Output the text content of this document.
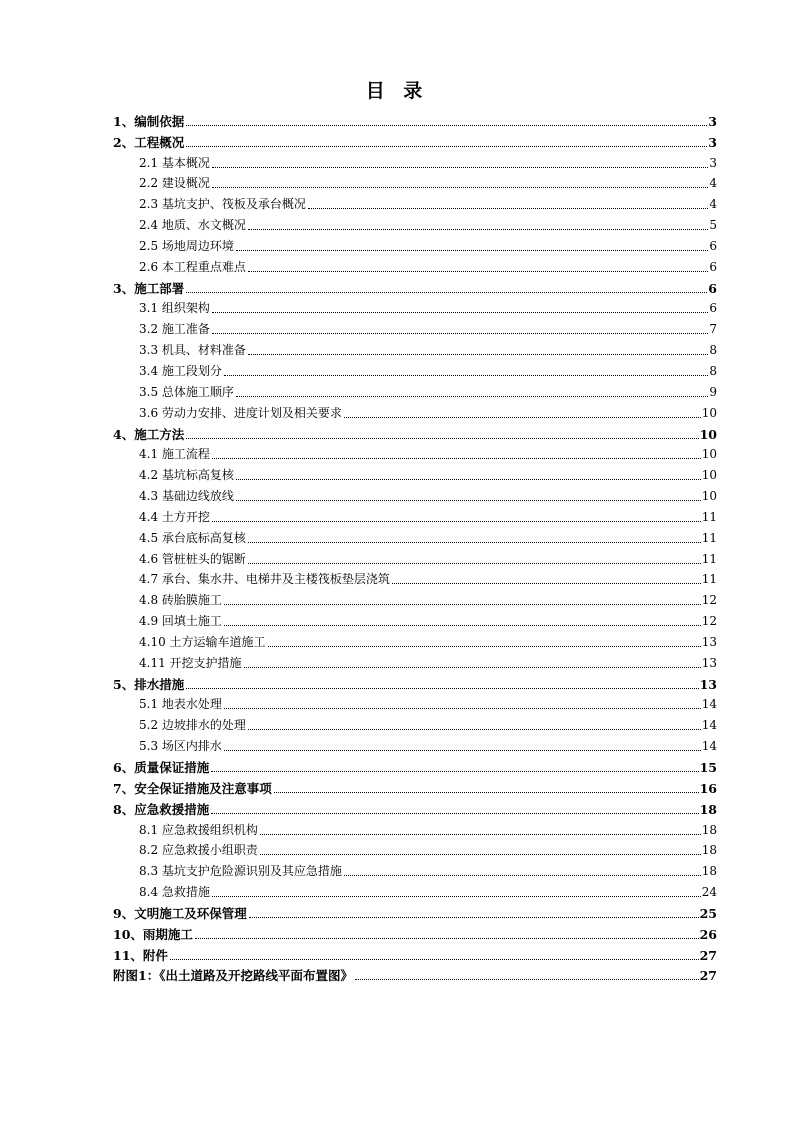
目 录
1、编制依据	3
2、工程概况	3
2.1 基本概况	3
2.2 建设概况	4
2.3 基坑支护、筏板及承台概况	4
2.4 地质、水文概况	5
2.5 场地周边环境	6
2.6 本工程重点难点	6
3、施工部署	6
3.1 组织架构	6
3.2 施工准备	7
3.3 机具、材料准备	8
3.4 施工段划分	8
3.5 总体施工顺序	9
3.6 劳动力安排、进度计划及相关要求	10
4、施工方法	10
4.1 施工流程	10
4.2 基坑标高复核	10
4.3 基础边线放线	10
4.4 土方开挖	11
4.5 承台底标高复核	11
4.6 管桩桩头的锯断	11
4.7 承台、集水井、电梯井及主楼筏板垫层浇筑	11
4.8 砖胎膜施工	12
4.9 回填土施工	12
4.10 土方运输车道施工	13
4.11 开挖支护措施	13
5、排水措施	13
5.1 地表水处理	14
5.2 边坡排水的处理	14
5.3 场区内排水	14
6、质量保证措施	15
7、安全保证措施及注意事项	16
8、应急救援措施	18
8.1 应急救援组织机构	18
8.2 应急救援小组职责	18
8.3 基坑支护危险源识别及其应急措施	18
8.4 急救措施	24
9、文明施工及环保管理	25
10、雨期施工	26
11、附件	27
附图1：《出土道路及开挖路线平面布置图》	27
